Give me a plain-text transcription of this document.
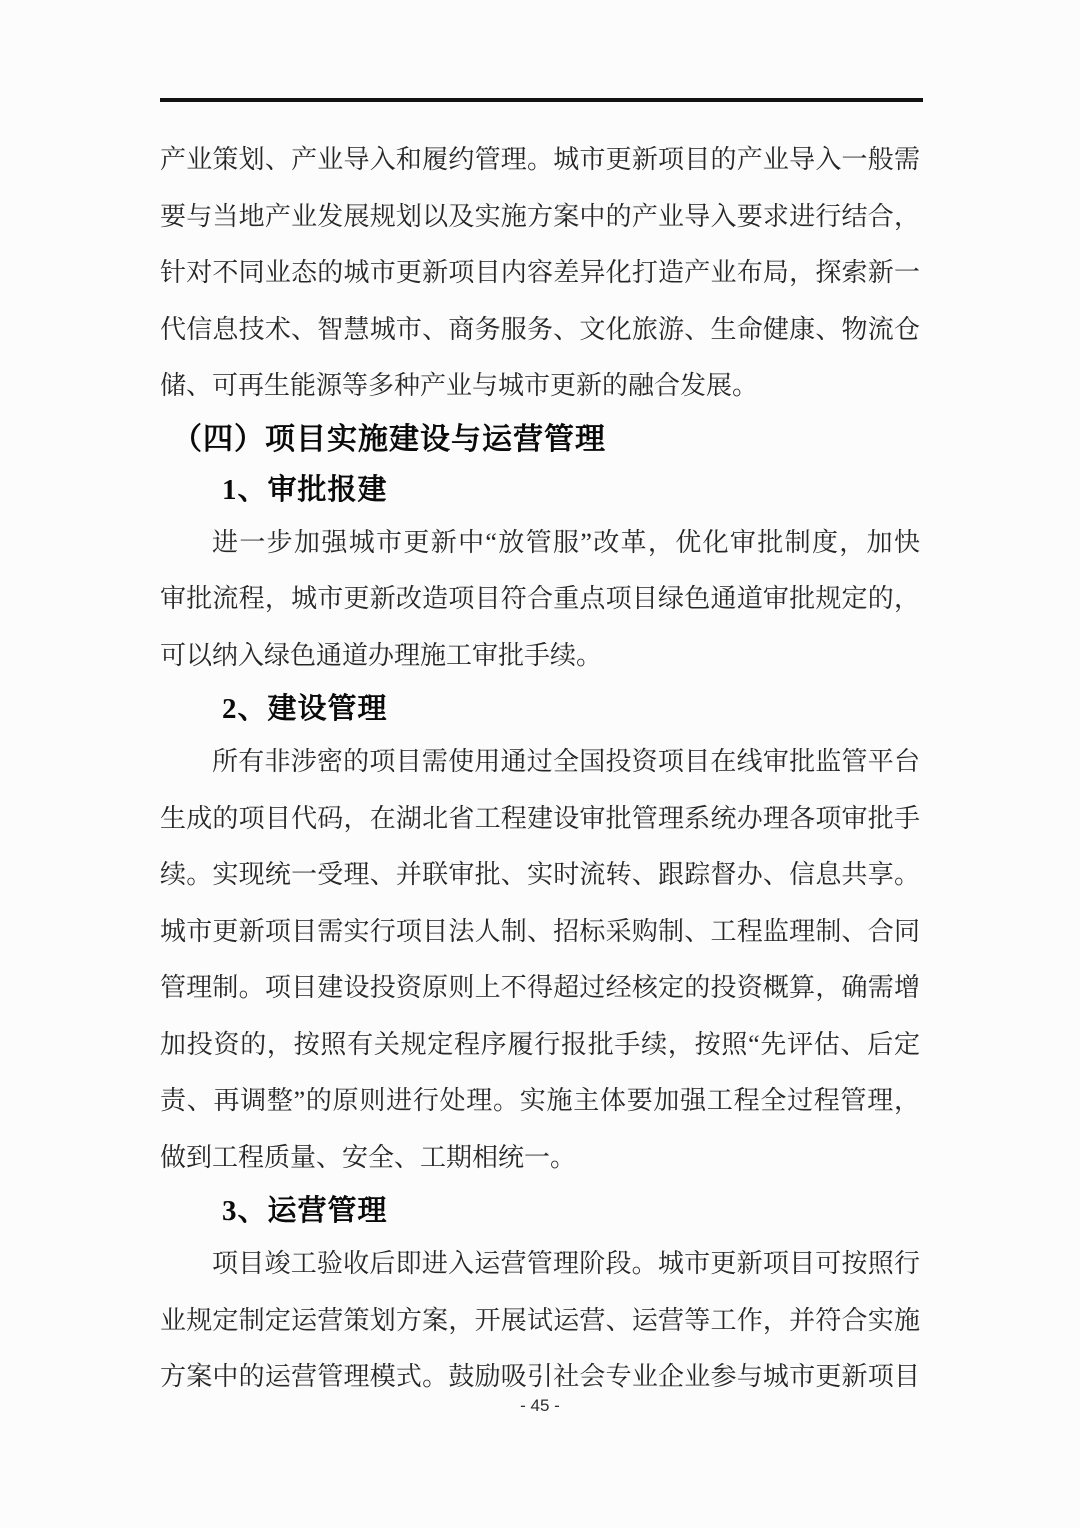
产业策划、产业导入和履约管理。城市更新项目的产业导入一般需
要与当地产业发展规划以及实施方案中的产业导入要求进行结合，
针对不同业态的城市更新项目内容差异化打造产业布局，探索新一
代信息技术、智慧城市、商务服务、文化旅游、生命健康、物流仓
储、可再生能源等多种产业与城市更新的融合发展。
（四）项目实施建设与运营管理
1、审批报建
进一步加强城市更新中“放管服”改革，优化审批制度，加快
审批流程，城市更新改造项目符合重点项目绿色通道审批规定的，
可以纳入绿色通道办理施工审批手续。
2、建设管理
所有非涉密的项目需使用通过全国投资项目在线审批监管平台
生成的项目代码，在湖北省工程建设审批管理系统办理各项审批手
续。实现统一受理、并联审批、实时流转、跟踪督办、信息共享。
城市更新项目需实行项目法人制、招标采购制、工程监理制、合同
管理制。项目建设投资原则上不得超过经核定的投资概算，确需增
加投资的，按照有关规定程序履行报批手续，按照“先评估、后定
责、再调整”的原则进行处理。实施主体要加强工程全过程管理，
做到工程质量、安全、工期相统一。
3、运营管理
项目竣工验收后即进入运营管理阶段。城市更新项目可按照行
业规定制定运营策划方案，开展试运营、运营等工作，并符合实施
方案中的运营管理模式。鼓励吸引社会专业企业参与城市更新项目
- 45 -
